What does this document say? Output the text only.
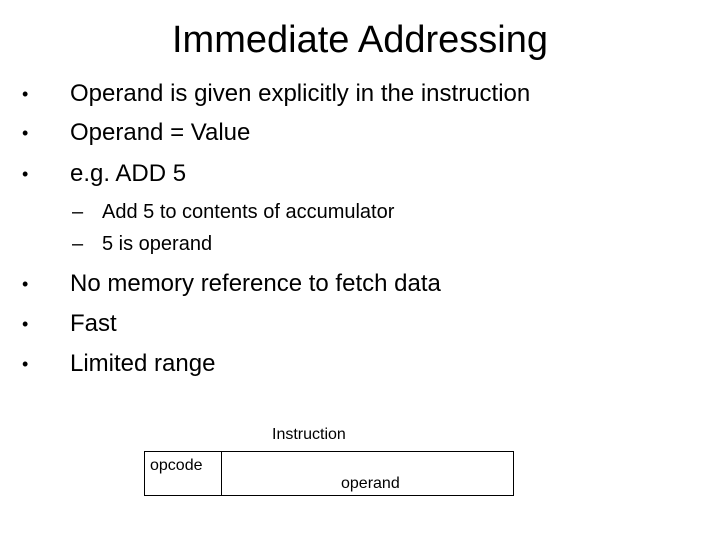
Immediate Addressing
• Operand is given explicitly in the instruction
• Operand = Value
• e.g. ADD 5
– Add 5 to contents of accumulator
– 5 is operand
• No memory reference to fetch data
• Fast
• Limited range
Instruction
opcode
operand
